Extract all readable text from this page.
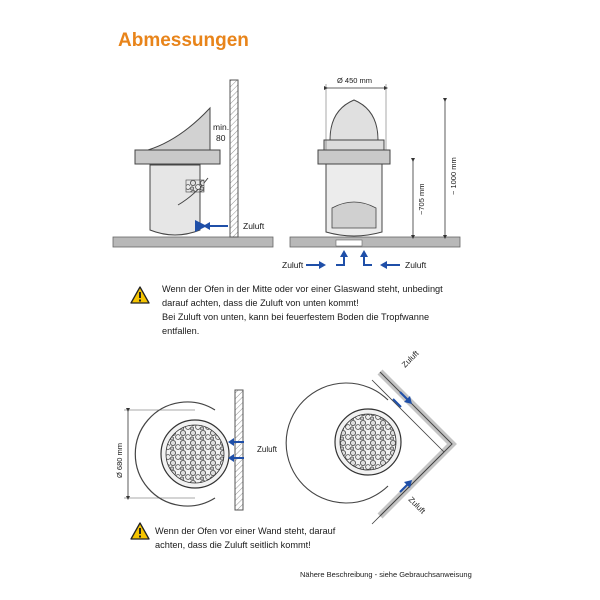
Abmessungen
min.
80
Zuluft
Ø 450 mm
~705 mm
~ 1000 mm
Zuluft	Zuluft
Ø 680 mm	Zuluft
Zuluft
Zuluft
Wenn der Ofen in der Mitte oder vor einer Glaswand steht, unbedingt
darauf achten, dass die Zuluft von unten kommt!
Bei Zuluft von unten, kann bei feuerfestem Boden die Tropfwanne
entfallen.
Wenn der Ofen vor einer Wand steht, darauf
achten, dass die Zuluft seitlich kommt!
Nähere Beschreibung - siehe Gebrauchsanweisung
